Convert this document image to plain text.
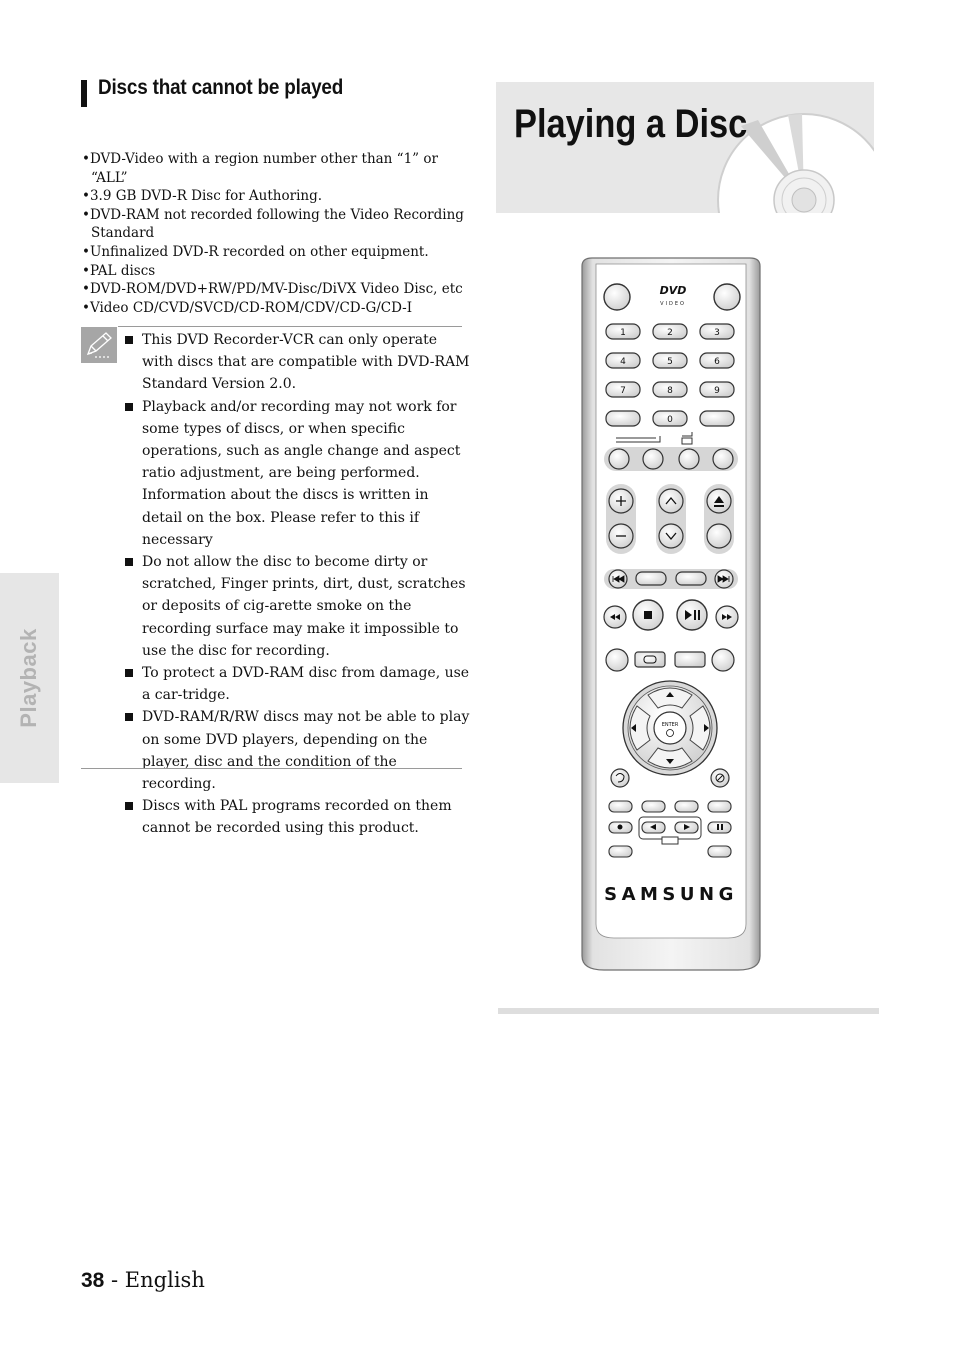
Playback
Discs that cannot be played
•DVD-Video with a region number other than “1” or “ALL”
•3.9 GB DVD-R Disc for Authoring.
•DVD-RAM not recorded following the Video Recording Standard
•Unfinalized DVD-R recorded on other equipment.
•PAL discs
•DVD-ROM/DVD+RW/PD/MV-Disc/DiVX Video Disc, etc
•Video CD/CVD/SVCD/CD-ROM/CDV/CD-G/CD-I
This DVD Recorder-VCR can only operate with discs that are compatible with DVD-RAM Standard Version 2.0.
Playback and/or recording may not work for some types of discs, or when specific operations, such as angle change and aspect ratio adjustment, are being performed. Information about the discs is written in detail on the box. Please refer to this if necessary
Do not allow the disc to become dirty or scratched, Finger prints, dirt, dust, scratches or deposits of cig-arette smoke on the recording surface may make it impossible to use the disc for recording.
To protect a DVD-RAM disc from damage, use a car-tridge.
DVD-RAM/R/RW discs may not be able to play on some DVD players, depending on the player, disc and the condition of the recording.
Discs with PAL programs recorded on them cannot be recorded using this product.
38 - English
Playing a Disc
DVD
VIDEO
1	2	3
4	5	6
7	8	9
0
ENTER
SAMSUNG
